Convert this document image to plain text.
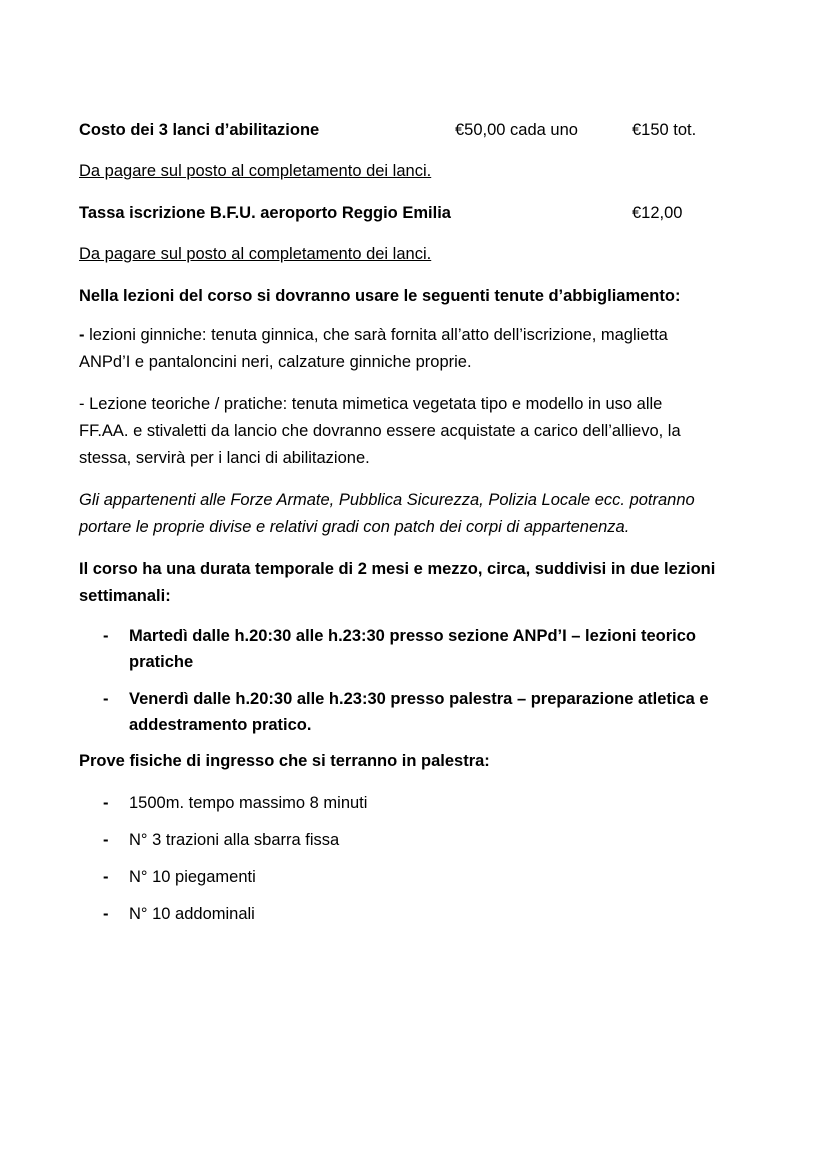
Costo dei 3 lanci d’abilitazione	€50,00 cada uno	€150 tot.
Da pagare sul posto al completamento dei lanci.
Tassa iscrizione B.F.U. aeroporto Reggio Emilia	€12,00
Da pagare sul posto al completamento dei lanci.
Nella lezioni del corso si dovranno usare le seguenti tenute d’abbigliamento:
- lezioni ginniche: tenuta ginnica, che sarà fornita all’atto dell’iscrizione, maglietta
ANPd’I e pantaloncini neri, calzature ginniche proprie.
- Lezione teoriche / pratiche: tenuta mimetica vegetata tipo e modello in uso alle
FF.AA. e stivaletti da lancio che dovranno essere acquistate a carico dell’allievo, la
stessa, servirà per i lanci di abilitazione.
Gli appartenenti alle Forze Armate, Pubblica Sicurezza, Polizia Locale ecc. potranno
portare le proprie divise e relativi gradi con patch dei corpi di appartenenza.
Il corso ha una durata temporale di 2 mesi e mezzo, circa, suddivisi in due lezioni
settimanali:
- Martedì dalle h.20:30 alle h.23:30 presso sezione ANPd’I – lezioni teorico
pratiche
- Venerdì dalle h.20:30 alle h.23:30 presso palestra – preparazione atletica e
addestramento pratico.
Prove fisiche di ingresso che si terranno in palestra:
- 1500m. tempo massimo 8 minuti
- N° 3 trazioni alla sbarra fissa
- N° 10 piegamenti
- N° 10 addominali
